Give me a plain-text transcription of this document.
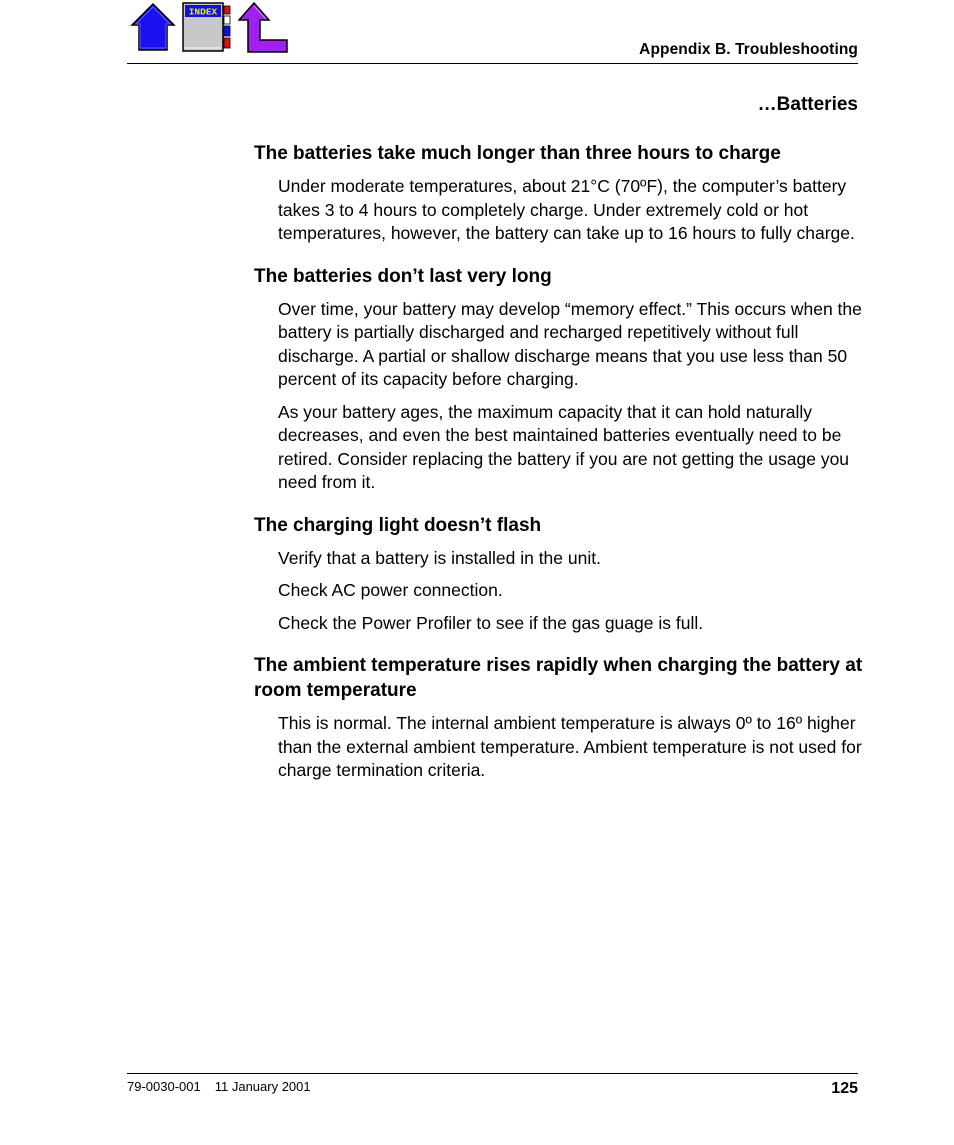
INDEX
Appendix B. Troubleshooting
…Batteries
The batteries take much longer than three hours to charge

Under moderate temperatures, about 21°C (70ºF), the computer’s battery takes 3 to 4 hours to completely charge. Under extremely cold or hot temperatures, however, the battery can take up to 16 hours to fully charge.

The batteries don’t last very long

Over time, your battery may develop “memory effect.” This occurs when the battery is partially discharged and recharged repetitively without full discharge. A partial or shallow discharge means that you use less than 50 percent of its capacity before charging.

As your battery ages, the maximum capacity that it can hold naturally decreases, and even the best maintained batteries eventually need to be retired. Consider replacing the battery if you are not getting the usage you need from it.

The charging light doesn’t flash

Verify that a battery is installed in the unit.

Check AC power connection.

Check the Power Profiler to see if the gas guage is full.

The ambient temperature rises rapidly when charging the battery at room temperature

This is normal. The internal ambient temperature is always 0º to 16º higher than the external ambient temperature. Ambient temperature is not used for charge termination criteria.

79-0030-001 11 January 2001	125
